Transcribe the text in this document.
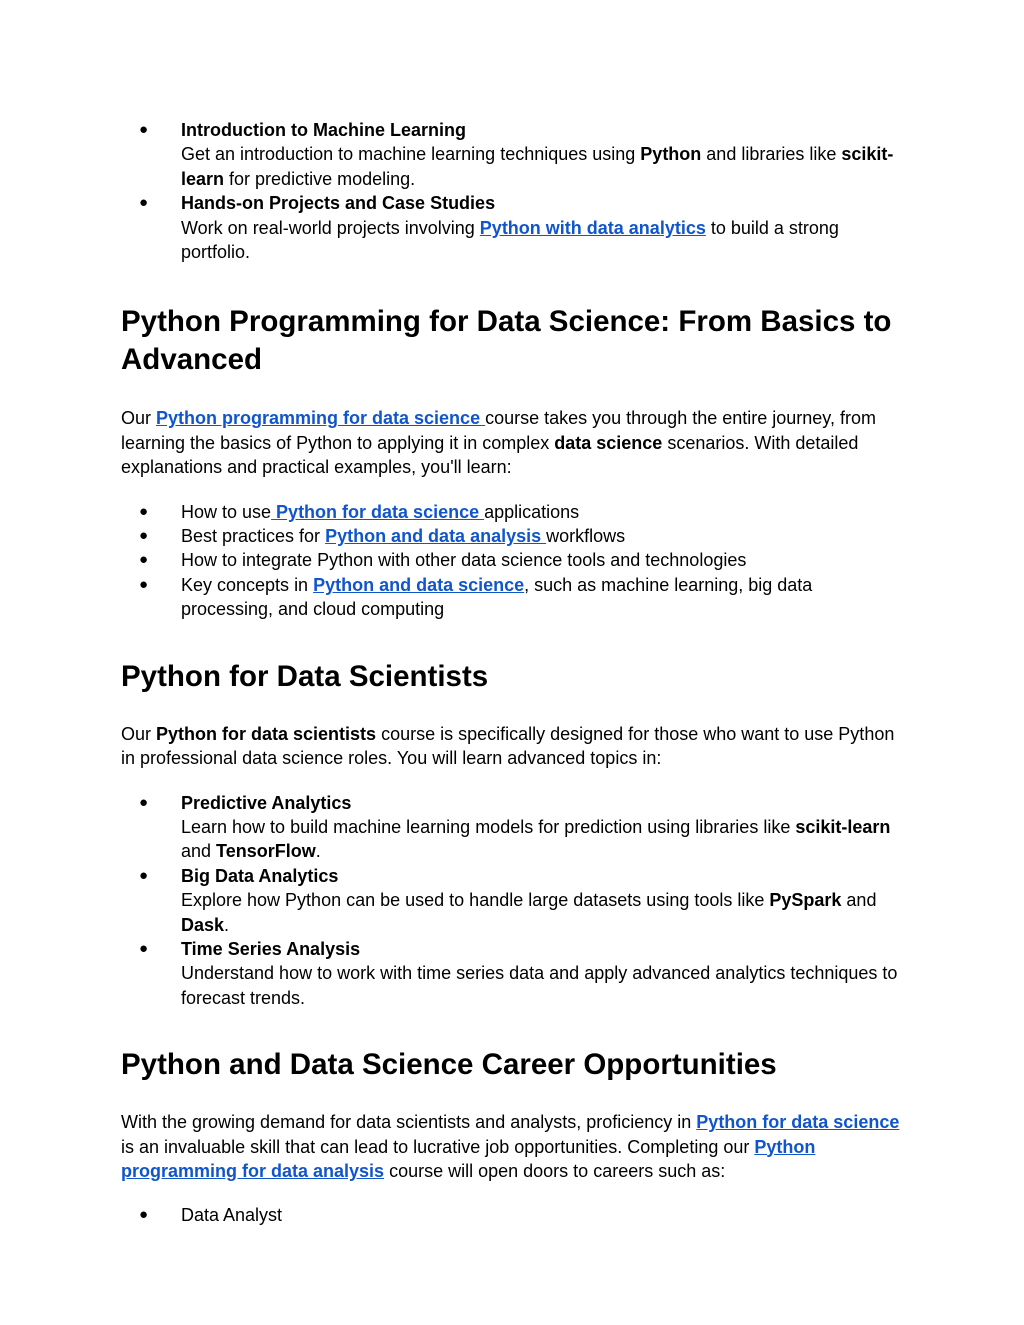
● Introduction to Machine Learning
Get an introduction to machine learning techniques using Python and libraries like scikit-learn for predictive modeling.
● Hands-on Projects and Case Studies
Work on real-world projects involving Python with data analytics to build a strong portfolio.
Python Programming for Data Science: From Basics to Advanced

Our Python programming for data science course takes you through the entire journey, from learning the basics of Python to applying it in complex data science scenarios. With detailed explanations and practical examples, you'll learn:

● How to use Python for data science applications
● Best practices for Python and data analysis workflows
● How to integrate Python with other data science tools and technologies
● Key concepts in Python and data science, such as machine learning, big data processing, and cloud computing
Python for Data Scientists

Our Python for data scientists course is specifically designed for those who want to use Python in professional data science roles. You will learn advanced topics in:

● Predictive Analytics
Learn how to build machine learning models for prediction using libraries like scikit-learn and TensorFlow.
● Big Data Analytics
Explore how Python can be used to handle large datasets using tools like PySpark and Dask.
● Time Series Analysis
Understand how to work with time series data and apply advanced analytics techniques to forecast trends.
Python and Data Science Career Opportunities

With the growing demand for data scientists and analysts, proficiency in Python for data science is an invaluable skill that can lead to lucrative job opportunities. Completing our Python programming for data analysis course will open doors to careers such as:

● Data Analyst
